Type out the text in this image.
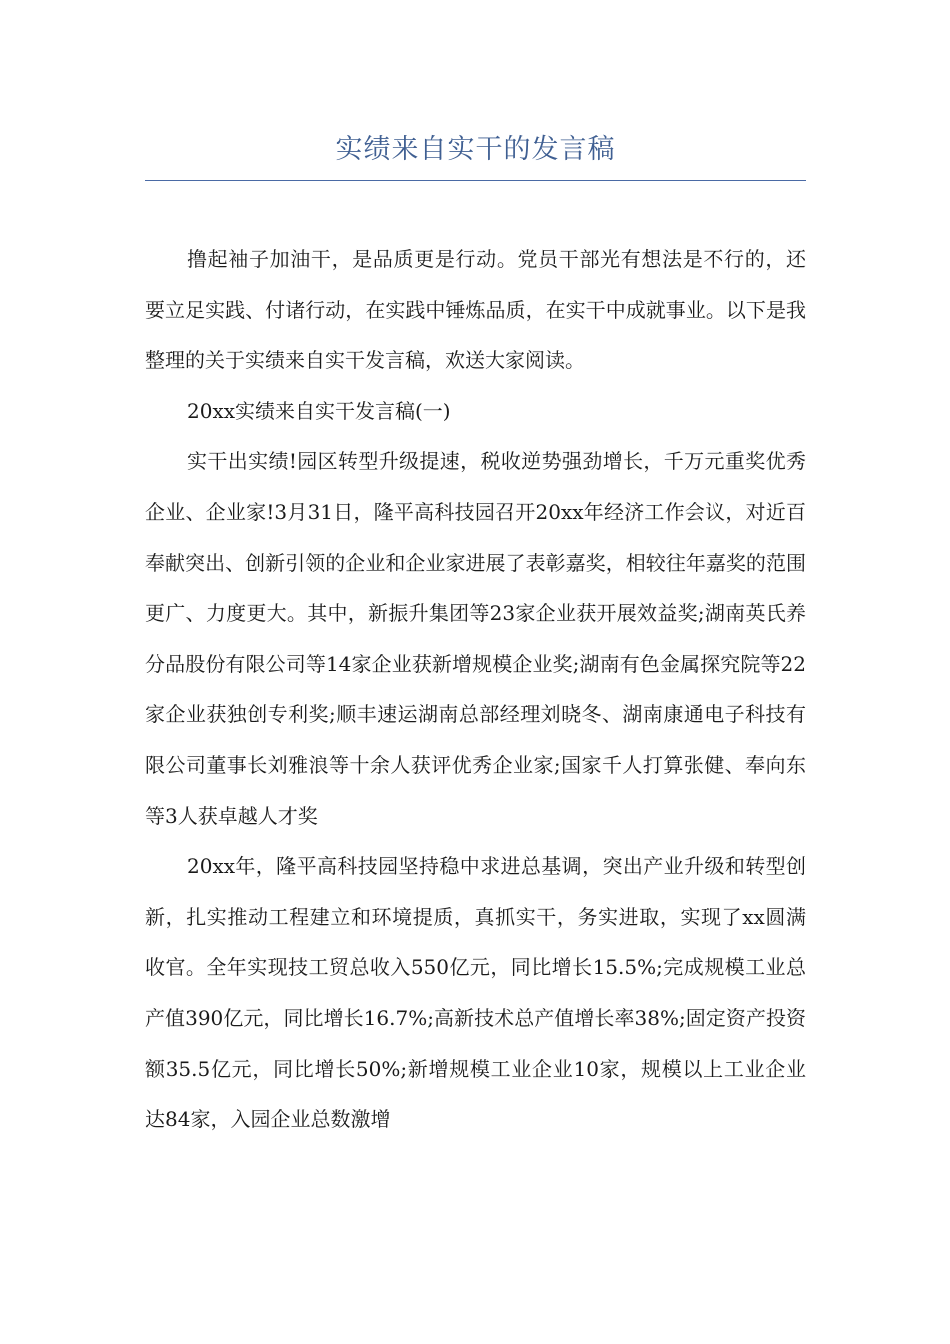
实绩来自实干的发言稿

撸起袖子加油干，是品质更是行动。党员干部光有想法是不行的，还要立足实践、付诸行动，在实践中锤炼品质，在实干中成就事业。以下是我整理的关于实绩来自实干发言稿，欢送大家阅读。

20xx实绩来自实干发言稿(一)

实干出实绩!园区转型升级提速，税收逆势强劲增长，千万元重奖优秀企业、企业家!3月31日，隆平高科技园召开20xx年经济工作会议，对近百奉献突出、创新引领的企业和企业家进展了表彰嘉奖，相较往年嘉奖的范围更广、力度更大。其中，新振升集团等23家企业获开展效益奖;湖南英氏养分品股份有限公司等14家企业获新增规模企业奖;湖南有色金属探究院等22家企业获独创专利奖;顺丰速运湖南总部经理刘晓冬、湖南康通电子科技有限公司董事长刘雅浪等十余人获评优秀企业家;国家千人打算张健、奉向东等3人获卓越人才奖

20xx年，隆平高科技园坚持稳中求进总基调，突出产业升级和转型创新，扎实推动工程建立和环境提质，真抓实干，务实进取，实现了xx圆满收官。全年实现技工贸总收入550亿元，同比增长15.5%;完成规模工业总产值390亿元，同比增长16.7%;高新技术总产值增长率38%;固定资产投资额35.5亿元，同比增长50%;新增规模工业企业10家，规模以上工业企业达84家，入园企业总数激增
